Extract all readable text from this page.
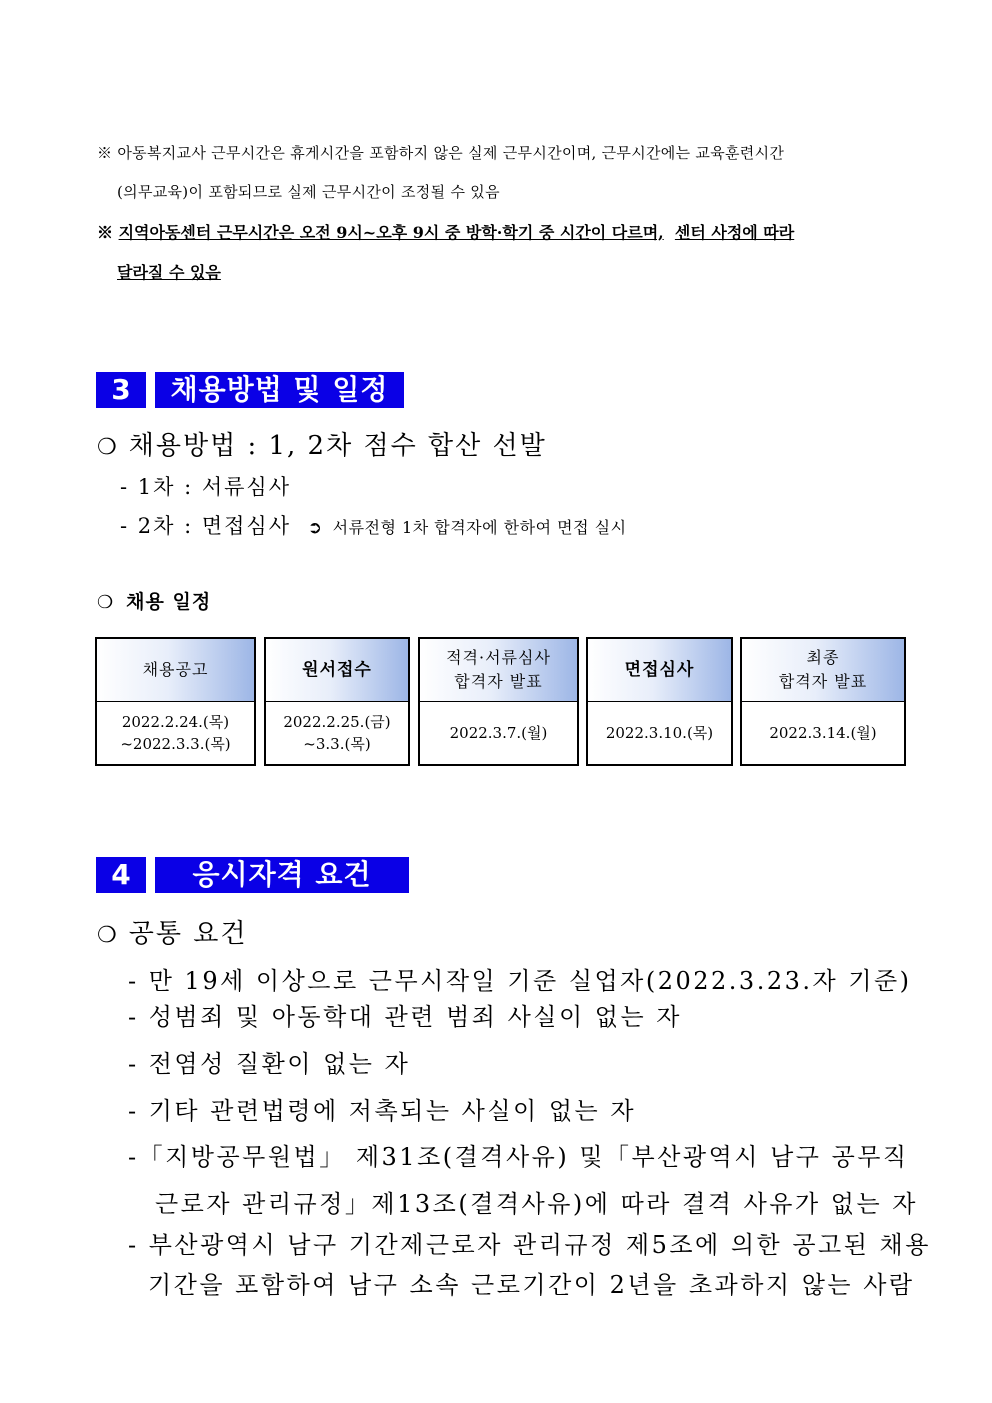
※ 아동복지교사 근무시간은 휴게시간을 포함하지 않은 실제 근무시간이며, 근무시간에는 교육훈련시간
(의무교육)이 포함되므로 실제 근무시간이 조정될 수 있음
※ 지역아동센터 근무시간은 오전 9시~오후 9시 중 방학·학기 중 시간이 다르며, 센터 사정에 따라
달라질 수 있음
3	채용방법 및 일정
❍ 채용방법 : 1, 2차 점수 합산 선발
- 1차 : 서류심사
- 2차 : 면접심사 ➲ 서류전형 1차 합격자에 한하여 면접 실시
❍ 채용 일정
채용공고
2022.2.24.(목)
~2022.3.3.(목)
원서접수
2022.2.25.(금)
~3.3.(목)
적격·서류심사
합격자 발표
2022.3.7.(월)
면접심사
2022.3.10.(목)
최종
합격자 발표
2022.3.14.(월)
4	응시자격 요건
❍ 공통 요건
- 만 19세 이상으로 근무시작일 기준 실업자(2022.3.23.자 기준)
- 성범죄 및 아동학대 관련 범죄 사실이 없는 자
- 전염성 질환이 없는 자
- 기타 관련법령에 저촉되는 사실이 없는 자
-「지방공무원법」 제31조(결격사유) 및「부산광역시 남구 공무직
근로자 관리규정」제13조(결격사유)에 따라 결격 사유가 없는 자
- 부산광역시 남구 기간제근로자 관리규정 제5조에 의한 공고된 채용
기간을 포함하여 남구 소속 근로기간이 2년을 초과하지 않는 사람
